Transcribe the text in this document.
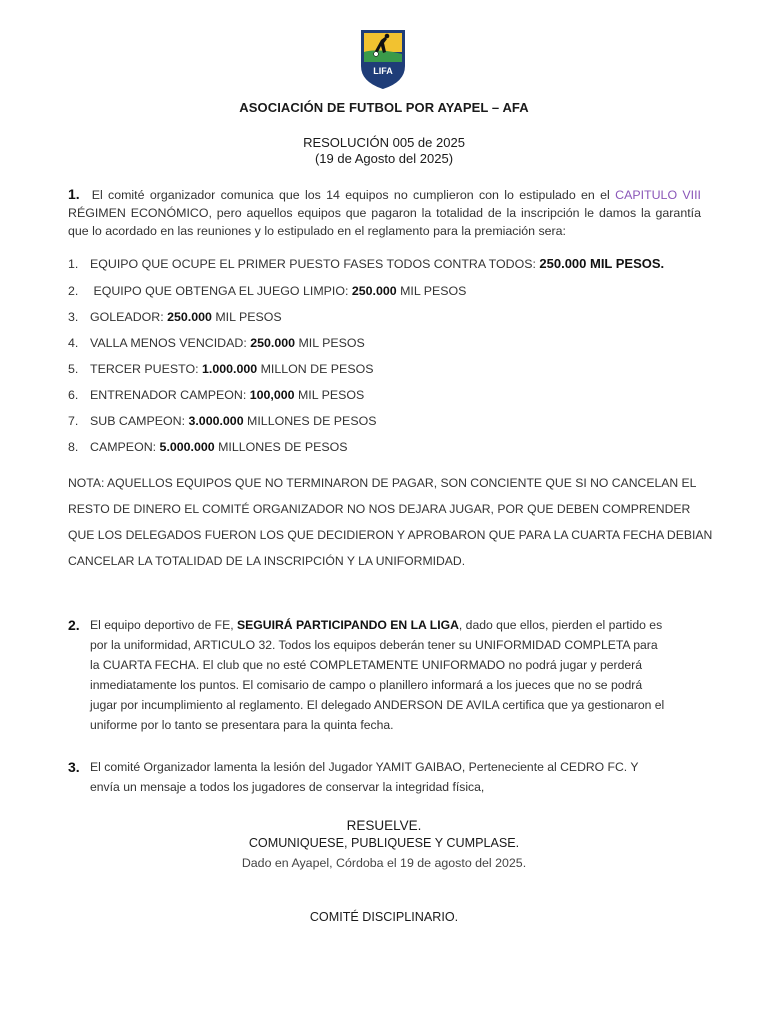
LIFA
ASOCIACIÓN DE FUTBOL POR AYAPEL – AFA
RESOLUCIÓN 005 de 2025
(19 de Agosto del 2025)
1. El comité organizador comunica que los 14 equipos no cumplieron con lo estipulado en el CAPITULO VIII RÉGIMEN ECONÓMICO, pero aquellos equipos que pagaron la totalidad de la inscripción le damos la garantía que lo acordado en las reuniones y lo estipulado en el reglamento para la premiación sera:
1. EQUIPO QUE OCUPE EL PRIMER PUESTO FASES TODOS CONTRA TODOS: 250.000 MIL PESOS.
2. EQUIPO QUE OBTENGA EL JUEGO LIMPIO: 250.000 MIL PESOS
3. GOLEADOR: 250.000 MIL PESOS
4. VALLA MENOS VENCIDAD: 250.000 MIL PESOS
5. TERCER PUESTO: 1.000.000 MILLON DE PESOS
6. ENTRENADOR CAMPEON: 100,000 MIL PESOS
7. SUB CAMPEON: 3.000.000 MILLONES DE PESOS
8. CAMPEON: 5.000.000 MILLONES DE PESOS
NOTA: AQUELLOS EQUIPOS QUE NO TERMINARON DE PAGAR, SON CONCIENTE QUE SI NO CANCELAN EL
RESTO DE DINERO EL COMITÉ ORGANIZADOR NO NOS DEJARA JUGAR, POR QUE DEBEN COMPRENDER
QUE LOS DELEGADOS FUERON LOS QUE DECIDIERON Y APROBARON QUE PARA LA CUARTA FECHA DEBIAN
CANCELAR LA TOTALIDAD DE LA INSCRIPCIÓN Y LA UNIFORMIDAD.
2. El equipo deportivo de FE, SEGUIRÁ PARTICIPANDO EN LA LIGA, dado que ellos, pierden el partido es por la uniformidad, ARTICULO 32. Todos los equipos deberán tener su UNIFORMIDAD COMPLETA para la CUARTA FECHA. El club que no esté COMPLETAMENTE UNIFORMADO no podrá jugar y perderá inmediatamente los puntos. El comisario de campo o planillero informará a los jueces que no se podrá jugar por incumplimiento al reglamento. El delegado ANDERSON DE AVILA certifica que ya gestionaron el uniforme por lo tanto se presentara para la quinta fecha.
3. El comité Organizador lamenta la lesión del Jugador YAMIT GAIBAO, Perteneciente al CEDRO FC. Y envía un mensaje a todos los jugadores de conservar la integridad física,
RESUELVE.
COMUNIQUESE, PUBLIQUESE Y CUMPLASE.
Dado en Ayapel, Córdoba el 19 de agosto del 2025.
COMITÉ DISCIPLINARIO.
